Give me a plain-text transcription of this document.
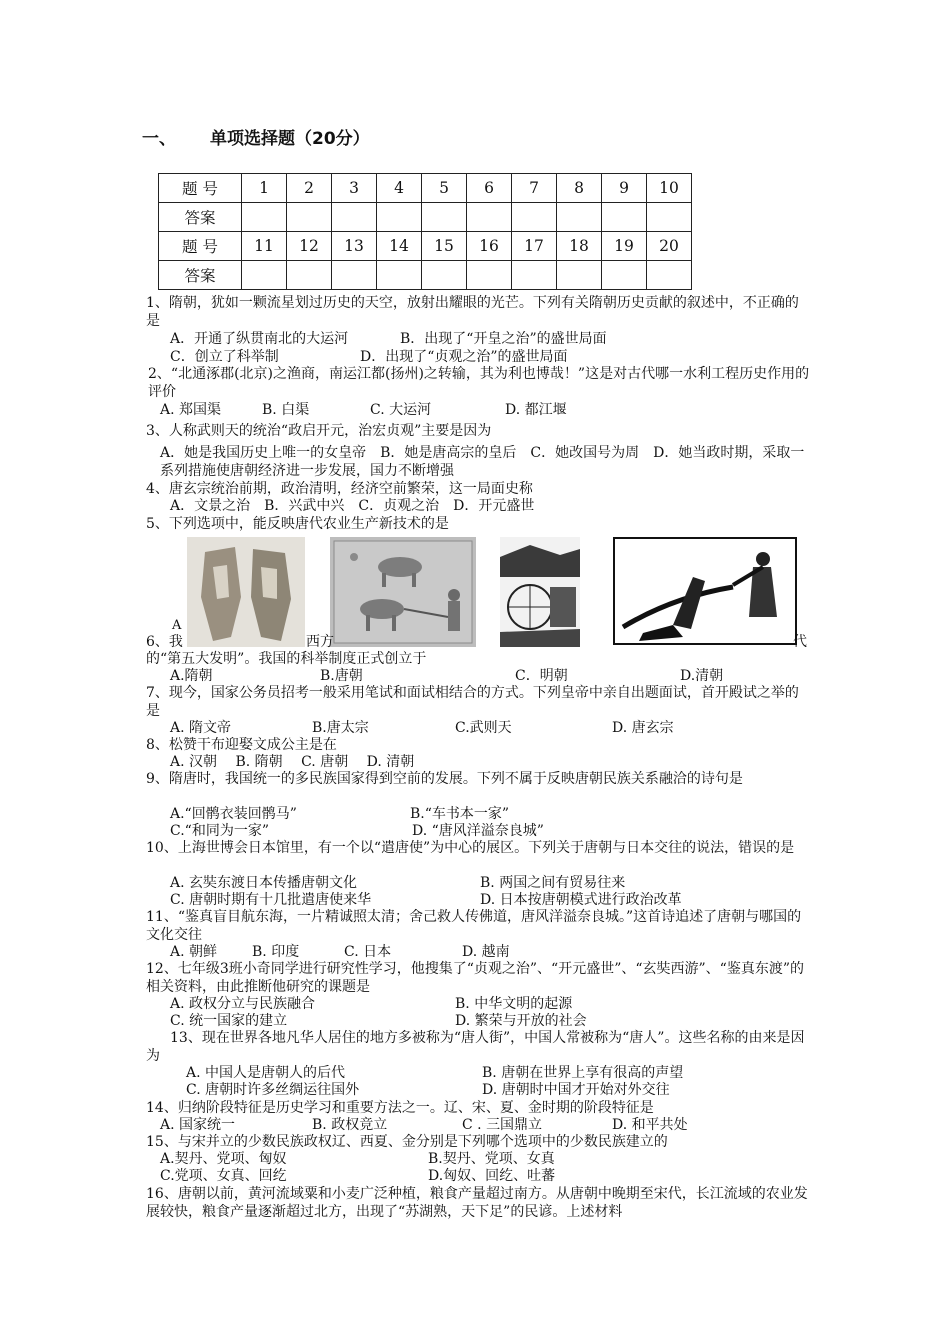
一、 单项选择题（20分）
题 号	1	2	3	4	5	6	7	8	9	10
答案										
题 号	11	12	13	14	15	16	17	18	19	20
答案										
1、隋朝，犹如一颗流星划过历史的天空，放射出耀眼的光芒。下列有关隋朝历史贡献的叙述中，不正确的是
A．开通了纵贯南北的大运河	B．出现了“开皇之治”的盛世局面
C．创立了科举制	D．出现了“贞观之治”的盛世局面
2、“北通涿郡(北京)之渔商，南运江都(扬州)之转输，其为利也博哉！”这是对古代哪一水利工程历史作用的评价
A. 郑国渠	B. 白渠	C. 大运河	D. 都江堰
3、人称武则天的统治“政启开元，治宏贞观”主要是因为
A．她是我国历史上唯一的女皇帝　B．她是唐高宗的皇后　C．她改国号为周　D．她当政时期，采取一系列措施使唐朝经济进一步发展，国力不断增强
4、唐玄宗统治前期，政治清明，经济空前繁荣，这一局面史称
A．文景之治　B．兴武中兴　C．贞观之治　D．开元盛世
5、下列选项中，能反映唐代农业生产新技术的是
A
6、我	西方	代
的“第五大发明”。我国的科举制度正式创立于
A.隋朝	B.唐朝	C．明朝	D.清朝
7、现今，国家公务员招考一般采用笔试和面试相结合的方式。下列皇帝中亲自出题面试，首开殿试之举的是
A. 隋文帝	B.唐太宗	C.武则天	D. 唐玄宗
8、松赞干布迎娶文成公主是在
A. 汉朝　 B. 隋朝　 C. 唐朝　 D. 清朝
9、隋唐时，我国统一的多民族国家得到空前的发展。下列不属于反映唐朝民族关系融洽的诗句是
A.“回鹘衣装回鹘马”	B.“车书本一家”
C.“和同为一家”	D. “唐风洋溢奈良城”
10、上海世博会日本馆里，有一个以“遣唐使”为中心的展区。下列关于唐朝与日本交往的说法，错误的是
A. 玄奘东渡日本传播唐朝文化	B. 两国之间有贸易往来
C. 唐朝时期有十几批遣唐使来华	D. 日本按唐朝模式进行政治改革
11、“鉴真盲目航东海，一片精诚照太清；舍己救人传佛道，唐风洋溢奈良城。”这首诗追述了唐朝与哪国的文化交往
A. 朝鲜 B. 印度	C. 日本	D. 越南
12、七年级3班小奇同学进行研究性学习，他搜集了“贞观之治”、“开元盛世”、“玄奘西游”、“鉴真东渡”的相关资料，由此推断他研究的课题是
A. 政权分立与民族融合	B. 中华文明的起源
C. 统一国家的建立	D. 繁荣与开放的社会
13、现在世界各地凡华人居住的地方多被称为“唐人街”，中国人常被称为“唐人”。这些名称的由来是因为
A. 中国人是唐朝人的后代	B. 唐朝在世界上享有很高的声望
C. 唐朝时许多丝绸运往国外	D. 唐朝时中国才开始对外交往
14、归纳阶段特征是历史学习和重要方法之一。辽、宋、夏、金时期的阶段特征是
A. 国家统一	B. 政权竞立	C . 三国鼎立	D. 和平共处
15、与宋并立的少数民族政权辽、西夏、金分别是下列哪个选项中的少数民族建立的
A.契丹、党项、匈奴	B.契丹、党项、女真
C.党项、女真、回纥	D.匈奴、回纥、吐蕃
16、唐朝以前，黄河流域粟和小麦广泛种植，粮食产量超过南方。从唐朝中晚期至宋代，长江流域的农业发展较快，粮食产量逐渐超过北方，出现了“苏湖熟，天下足”的民谚。上述材料
